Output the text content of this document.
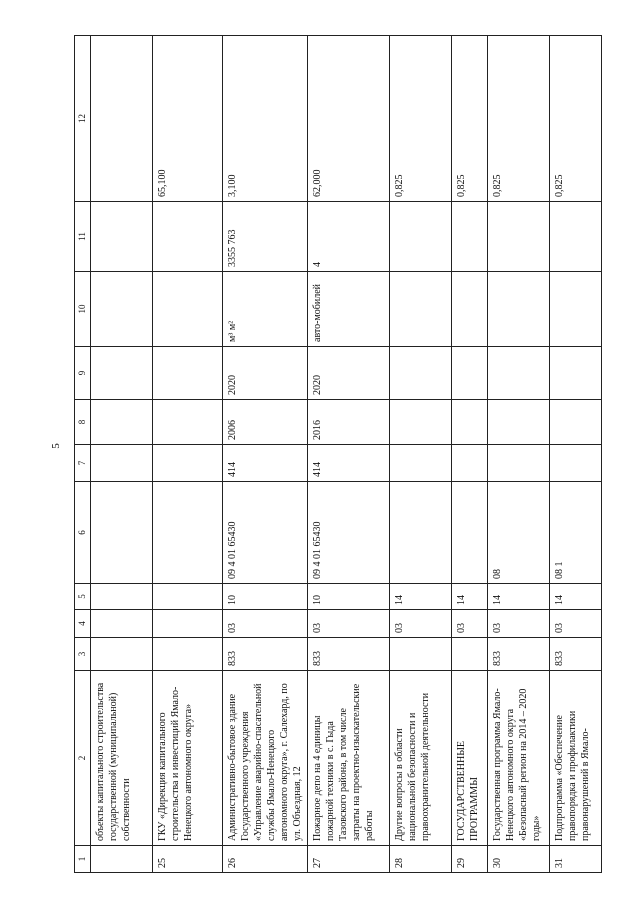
5
1	2	3	4	5	6	7	8	9	10	11	12
	объекты капитального строительства государственной (муниципальной) собственности										
25	ГКУ «Дирекция капитального строительства и инвестиций Ямало-Ненецкого автономного округа»										65,100
26	Административно-бытовое здание Государственного учреждения «Управление аварийно-спасательной службы Ямало-Ненецкого автономного округа», г. Салехард, по ул. Объездная, 12	833	03	10	09 4 01 65430	414	2006	2020	м³ м²	3355 763	3,100
27	Пожарное депо на 4 единицы пожарной техники в с. Гыда Тазовского района, в том числе затраты на проектно-изыскательские работы	833	03	10	09 4 01 65430	414	2016	2020	авто-мобилей	4	62,000
28	Другие вопросы в области национальной безопасности и правоохранительной деятельности		03	14							0,825
29	ГОСУДАРСТВЕННЫЕ ПРОГРАММЫ		03	14							0,825
30	Государственная программа Ямало-Ненецкого автономного округа «Безопасный регион на 2014 – 2020 годы»	833	03	14	08						0,825
31	Подпрограмма «Обеспечение правопорядка и профилактики правонарушений в Ямало-	833	03	14	08 1						0,825
